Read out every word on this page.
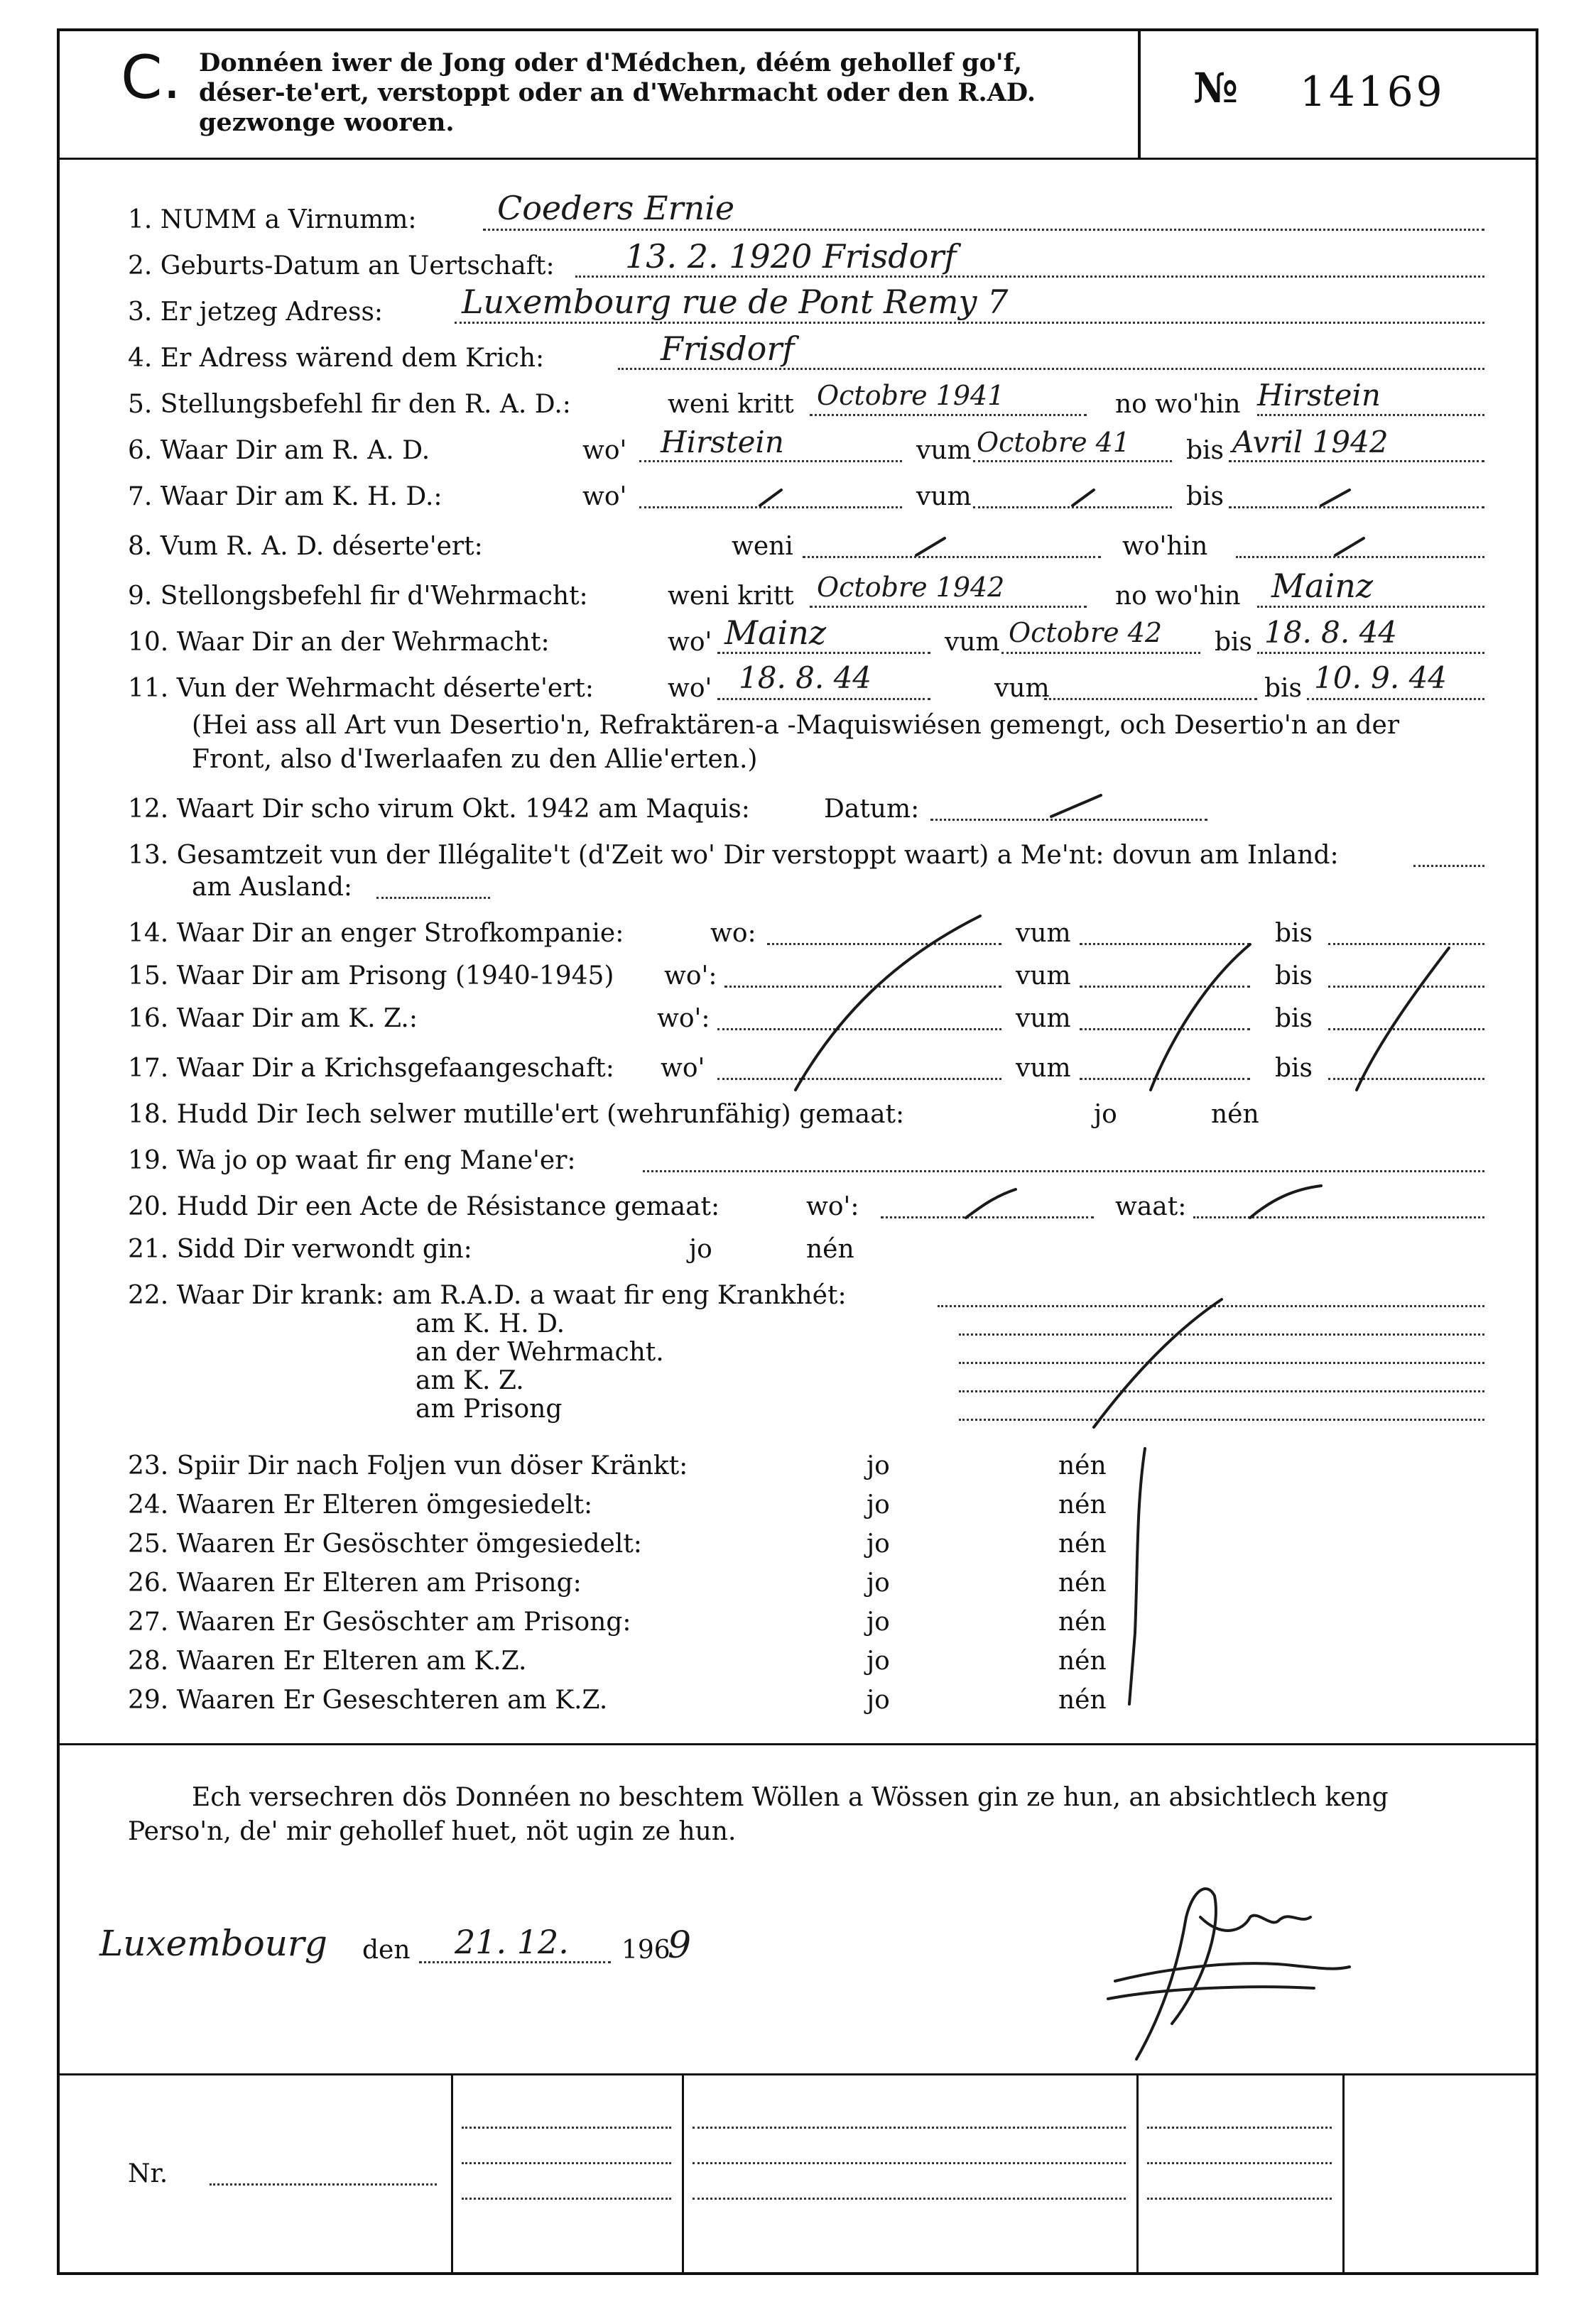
C. Donnéen iwer de Jong oder d'Médchen, déém gehollef go'f, déser-te'ert, verstoppt oder an d'Wehrmacht oder den R.AD. gezwonge wooren.
№ 14169
1. NUMM a Virnumm: Coeders Ernie
2. Geburts-Datum an Uertschaft: 13. 2. 1920 Frisdorf
3. Er jetzeg Adress: Luxembourg rue de Pont Remy 7
4. Er Adress wärend dem Krich:	Frisdorf
5. Stellungsbefehl fir den R. A. D.:	weni kritt Octobre 1941	no wo'hin Hirstein
6. Waar Dir am R. A. D.	wo' Hirstein	vum Octobre 41 bis Avril 1942
7. Waar Dir am K. H. D.:	wo'	vum	bis
8. Vum R. A. D. déserte'ert:	weni	wo'hin
9. Stellongsbefehl fir d'Wehrmacht:	weni kritt Octobre 1942	no wo'hin Mainz
10. Waar Dir an der Wehrmacht:	wo' Mainz	vum Octobre 42 bis 18. 8. 44
11. Vun der Wehrmacht déserte'ert:	wo' 18. 8. 44	vum	bis 10. 9. 44
(Hei ass all Art vun Desertio'n, Refraktären-a -Maquiswiésen gemengt, och Desertio'n an der
Front, also d'Iwerlaafen zu den Allie'erten.)
12. Waart Dir scho virum Okt. 1942 am Maquis:	Datum:
13. Gesamtzeit vun der Illégalite't (d'Zeit wo' Dir verstoppt waart) a Me'nt: dovun am Inland:
am Ausland:
14. Waar Dir an enger Strofkompanie:	wo:	vum	bis
15. Waar Dir am Prisong (1940-1945) wo':	vum	bis
16. Waar Dir am K. Z.:	wo':	vum	bis
17. Waar Dir a Krichsgefaangeschaft: wo'	vum	bis
18. Hudd Dir Iech selwer mutille'ert (wehrunfähig) gemaat:	jo	nén
19. Wa jo op waat fir eng Mane'er:
20. Hudd Dir een Acte de Résistance gemaat:	wo':	waat:
21. Sidd Dir verwondt gin:	jo	nén
22. Waar Dir krank: am R.A.D. a waat fir eng Krankhét:
am K. H. D.
an der Wehrmacht.
am K. Z.
am Prisong
23. Spiir Dir nach Foljen vun döser Kränkt:	jo	nén
24. Waaren Er Elteren ömgesiedelt:	jo	nén
25. Waaren Er Gesöschter ömgesiedelt:	jo	nén
26. Waaren Er Elteren am Prisong:	jo	nén
27. Waaren Er Gesöschter am Prisong:	jo	nén
28. Waaren Er Elteren am K.Z.	jo	nén
29. Waaren Er Geseschteren am K.Z.	jo	nén
Ech versechren dös Donnéen no beschtem Wöllen a Wössen gin ze hun, an absichtlech keng
Perso'n, de' mir gehollef huet, nöt ugin ze hun.
Luxembourg den 21. 12. 196
9
Nr.
